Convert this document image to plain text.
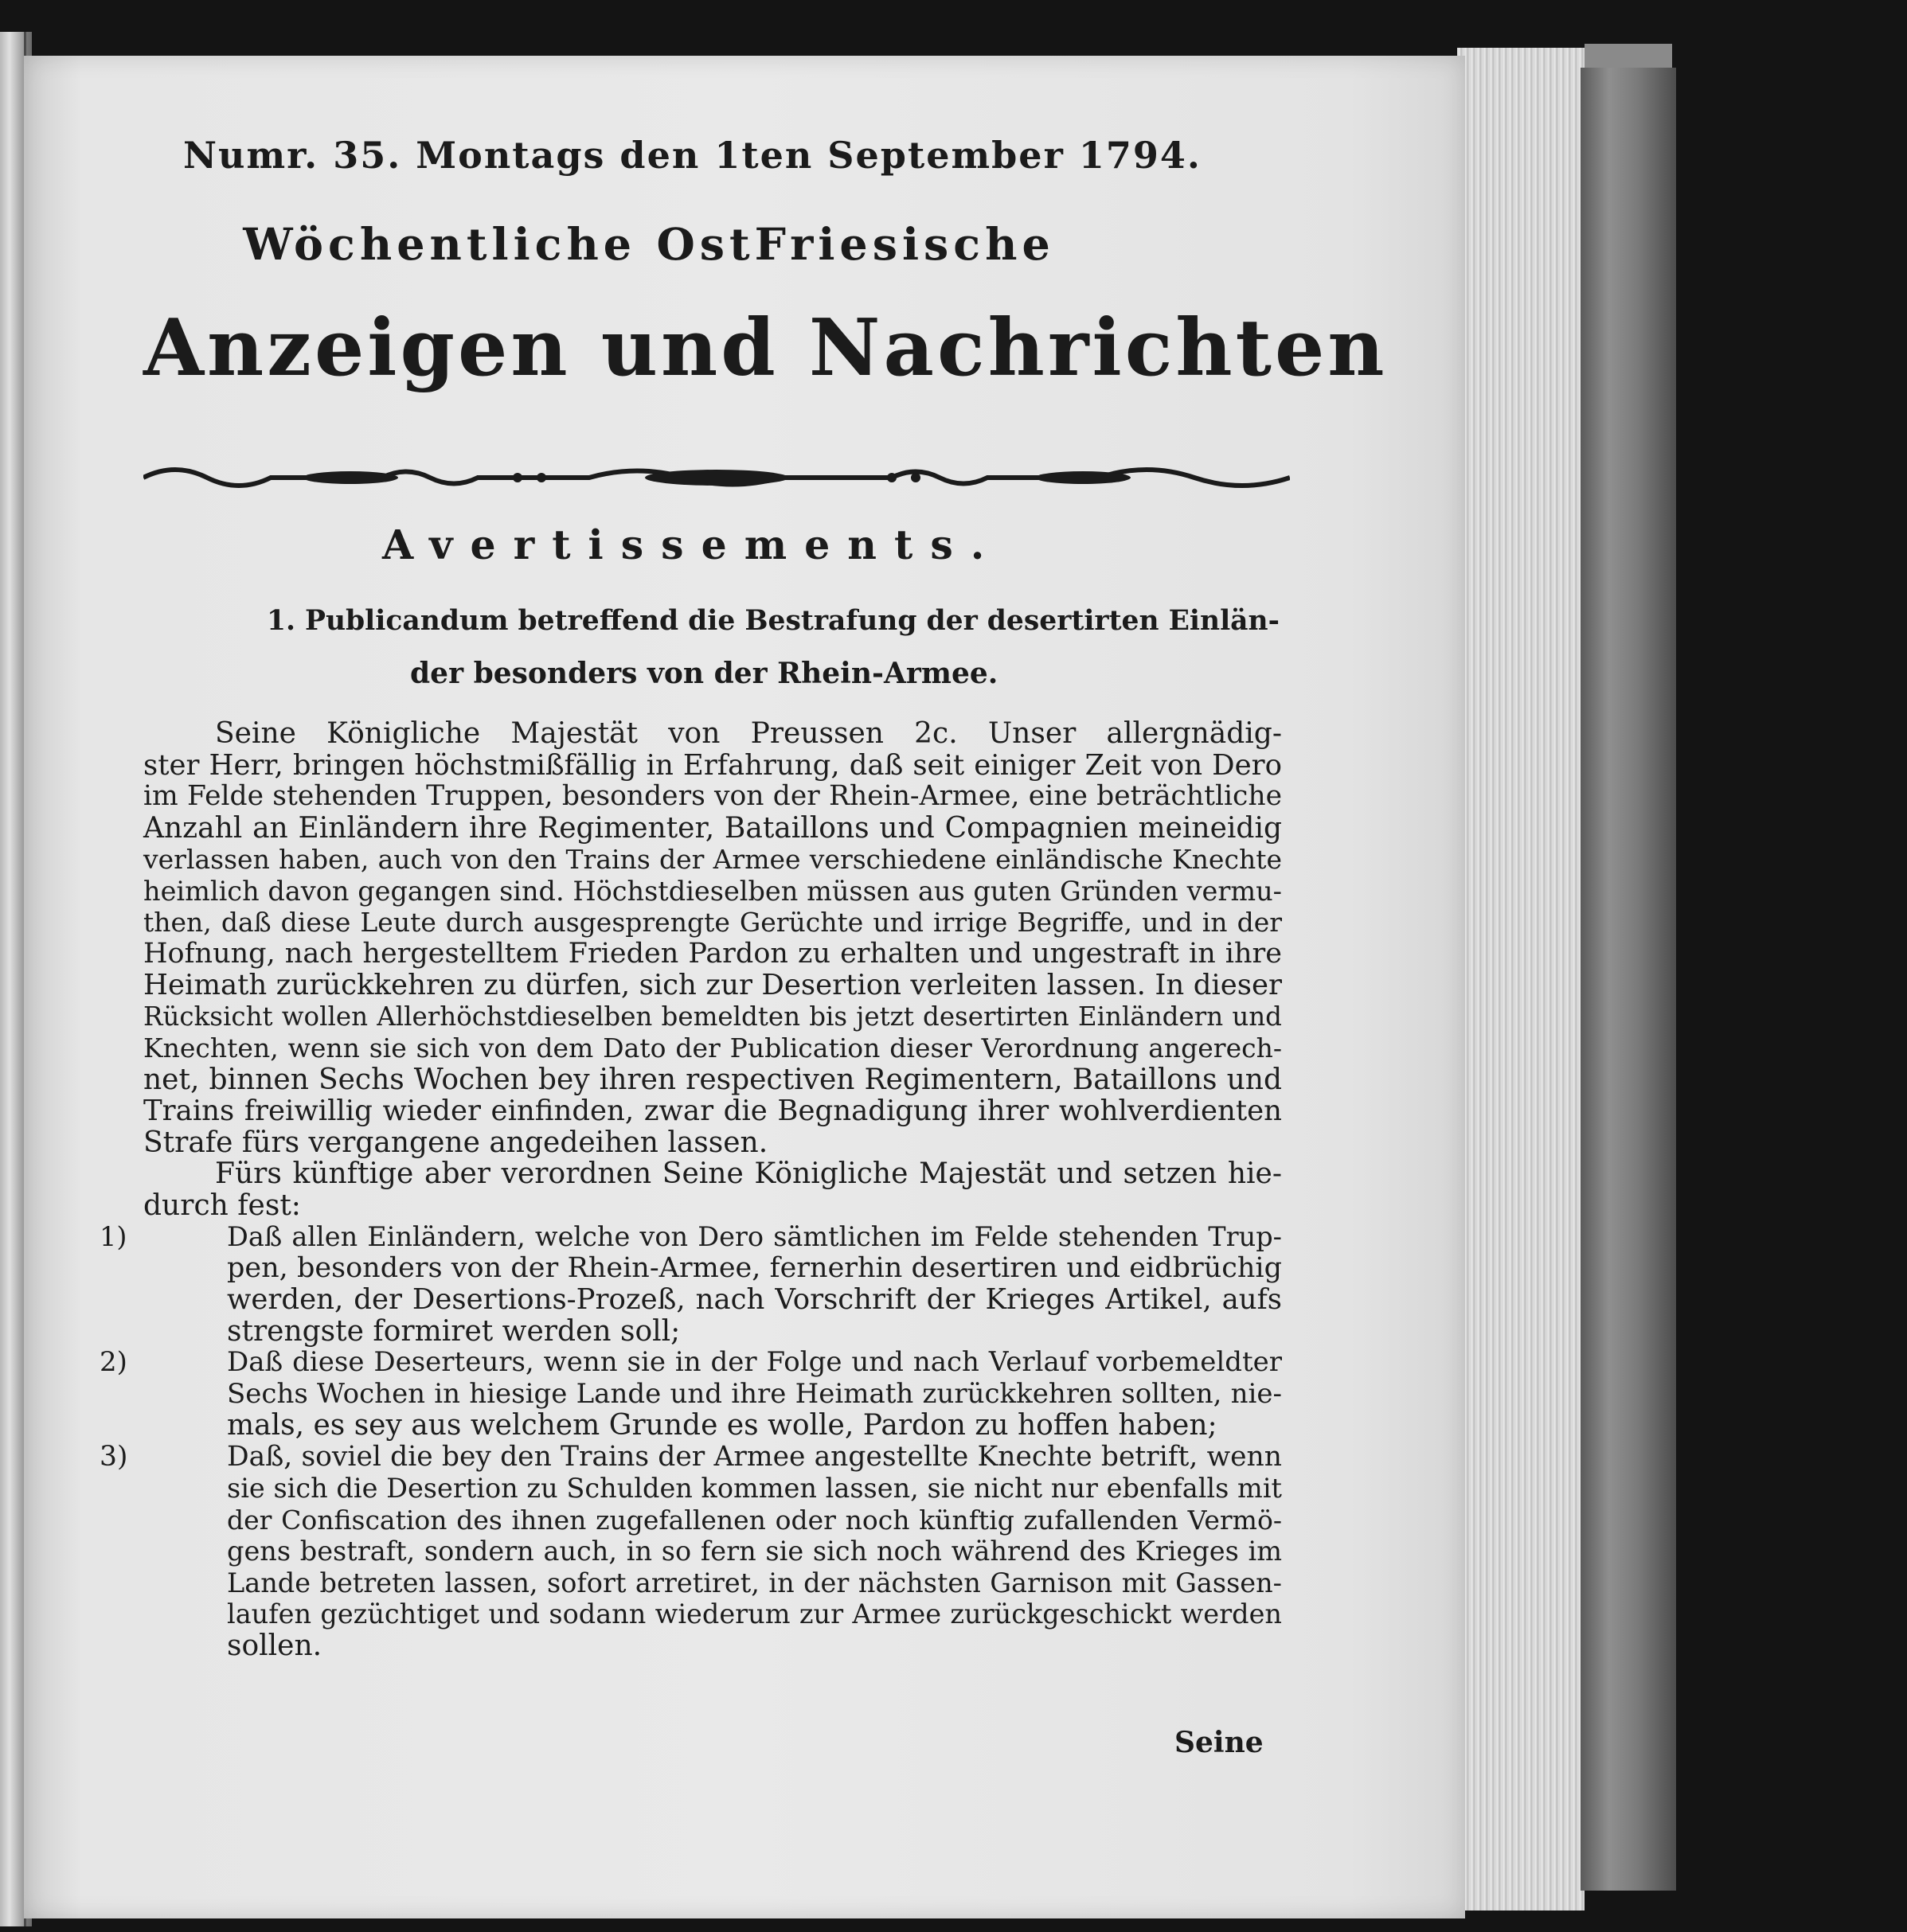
Numr. 35. Montags den 1ten September 1794.
Wöchentliche OstFriesische
Anzeigen und Nachrichten
Avertissements.
1. Publicandum betreffend die Bestrafung der desertirten Einlän-
der besonders von der Rhein-Armee.
Seine Königliche Majestät von Preussen 2c. Unser allergnädig-
ster Herr, bringen höchstmißfällig in Erfahrung, daß seit einiger Zeit von Dero
im Felde stehenden Truppen, besonders von der Rhein-Armee, eine beträchtliche
Anzahl an Einländern ihre Regimenter, Bataillons und Compagnien meineidig
verlassen haben, auch von den Trains der Armee verschiedene einländische Knechte
heimlich davon gegangen sind. Höchstdieselben müssen aus guten Gründen vermu-
then, daß diese Leute durch ausgesprengte Gerüchte und irrige Begriffe, und in der
Hofnung, nach hergestelltem Frieden Pardon zu erhalten und ungestraft in ihre
Heimath zurückkehren zu dürfen, sich zur Desertion verleiten lassen. In dieser
Rücksicht wollen Allerhöchstdieselben bemeldten bis jetzt desertirten Einländern und
Knechten, wenn sie sich von dem Dato der Publication dieser Verordnung angerech-
net, binnen Sechs Wochen bey ihren respectiven Regimentern, Bataillons und
Trains freiwillig wieder einfinden, zwar die Begnadigung ihrer wohlverdienten
Strafe fürs vergangene angedeihen lassen.
Fürs künftige aber verordnen Seine Königliche Majestät und setzen hie-
durch fest:
1)	Daß allen Einländern, welche von Dero sämtlichen im Felde stehenden Trup-
pen, besonders von der Rhein-Armee, fernerhin desertiren und eidbrüchig
werden, der Desertions-Prozeß, nach Vorschrift der Krieges Artikel, aufs
strengste formiret werden soll;
2)	Daß diese Deserteurs, wenn sie in der Folge und nach Verlauf vorbemeldter
Sechs Wochen in hiesige Lande und ihre Heimath zurückkehren sollten, nie-
mals, es sey aus welchem Grunde es wolle, Pardon zu hoffen haben;
3)	Daß, soviel die bey den Trains der Armee angestellte Knechte betrift, wenn
sie sich die Desertion zu Schulden kommen lassen, sie nicht nur ebenfalls mit
der Confiscation des ihnen zugefallenen oder noch künftig zufallenden Vermö-
gens bestraft, sondern auch, in so fern sie sich noch während des Krieges im
Lande betreten lassen, sofort arretiret, in der nächsten Garnison mit Gassen-
laufen gezüchtiget und sodann wiederum zur Armee zurückgeschickt werden
sollen.
Seine
